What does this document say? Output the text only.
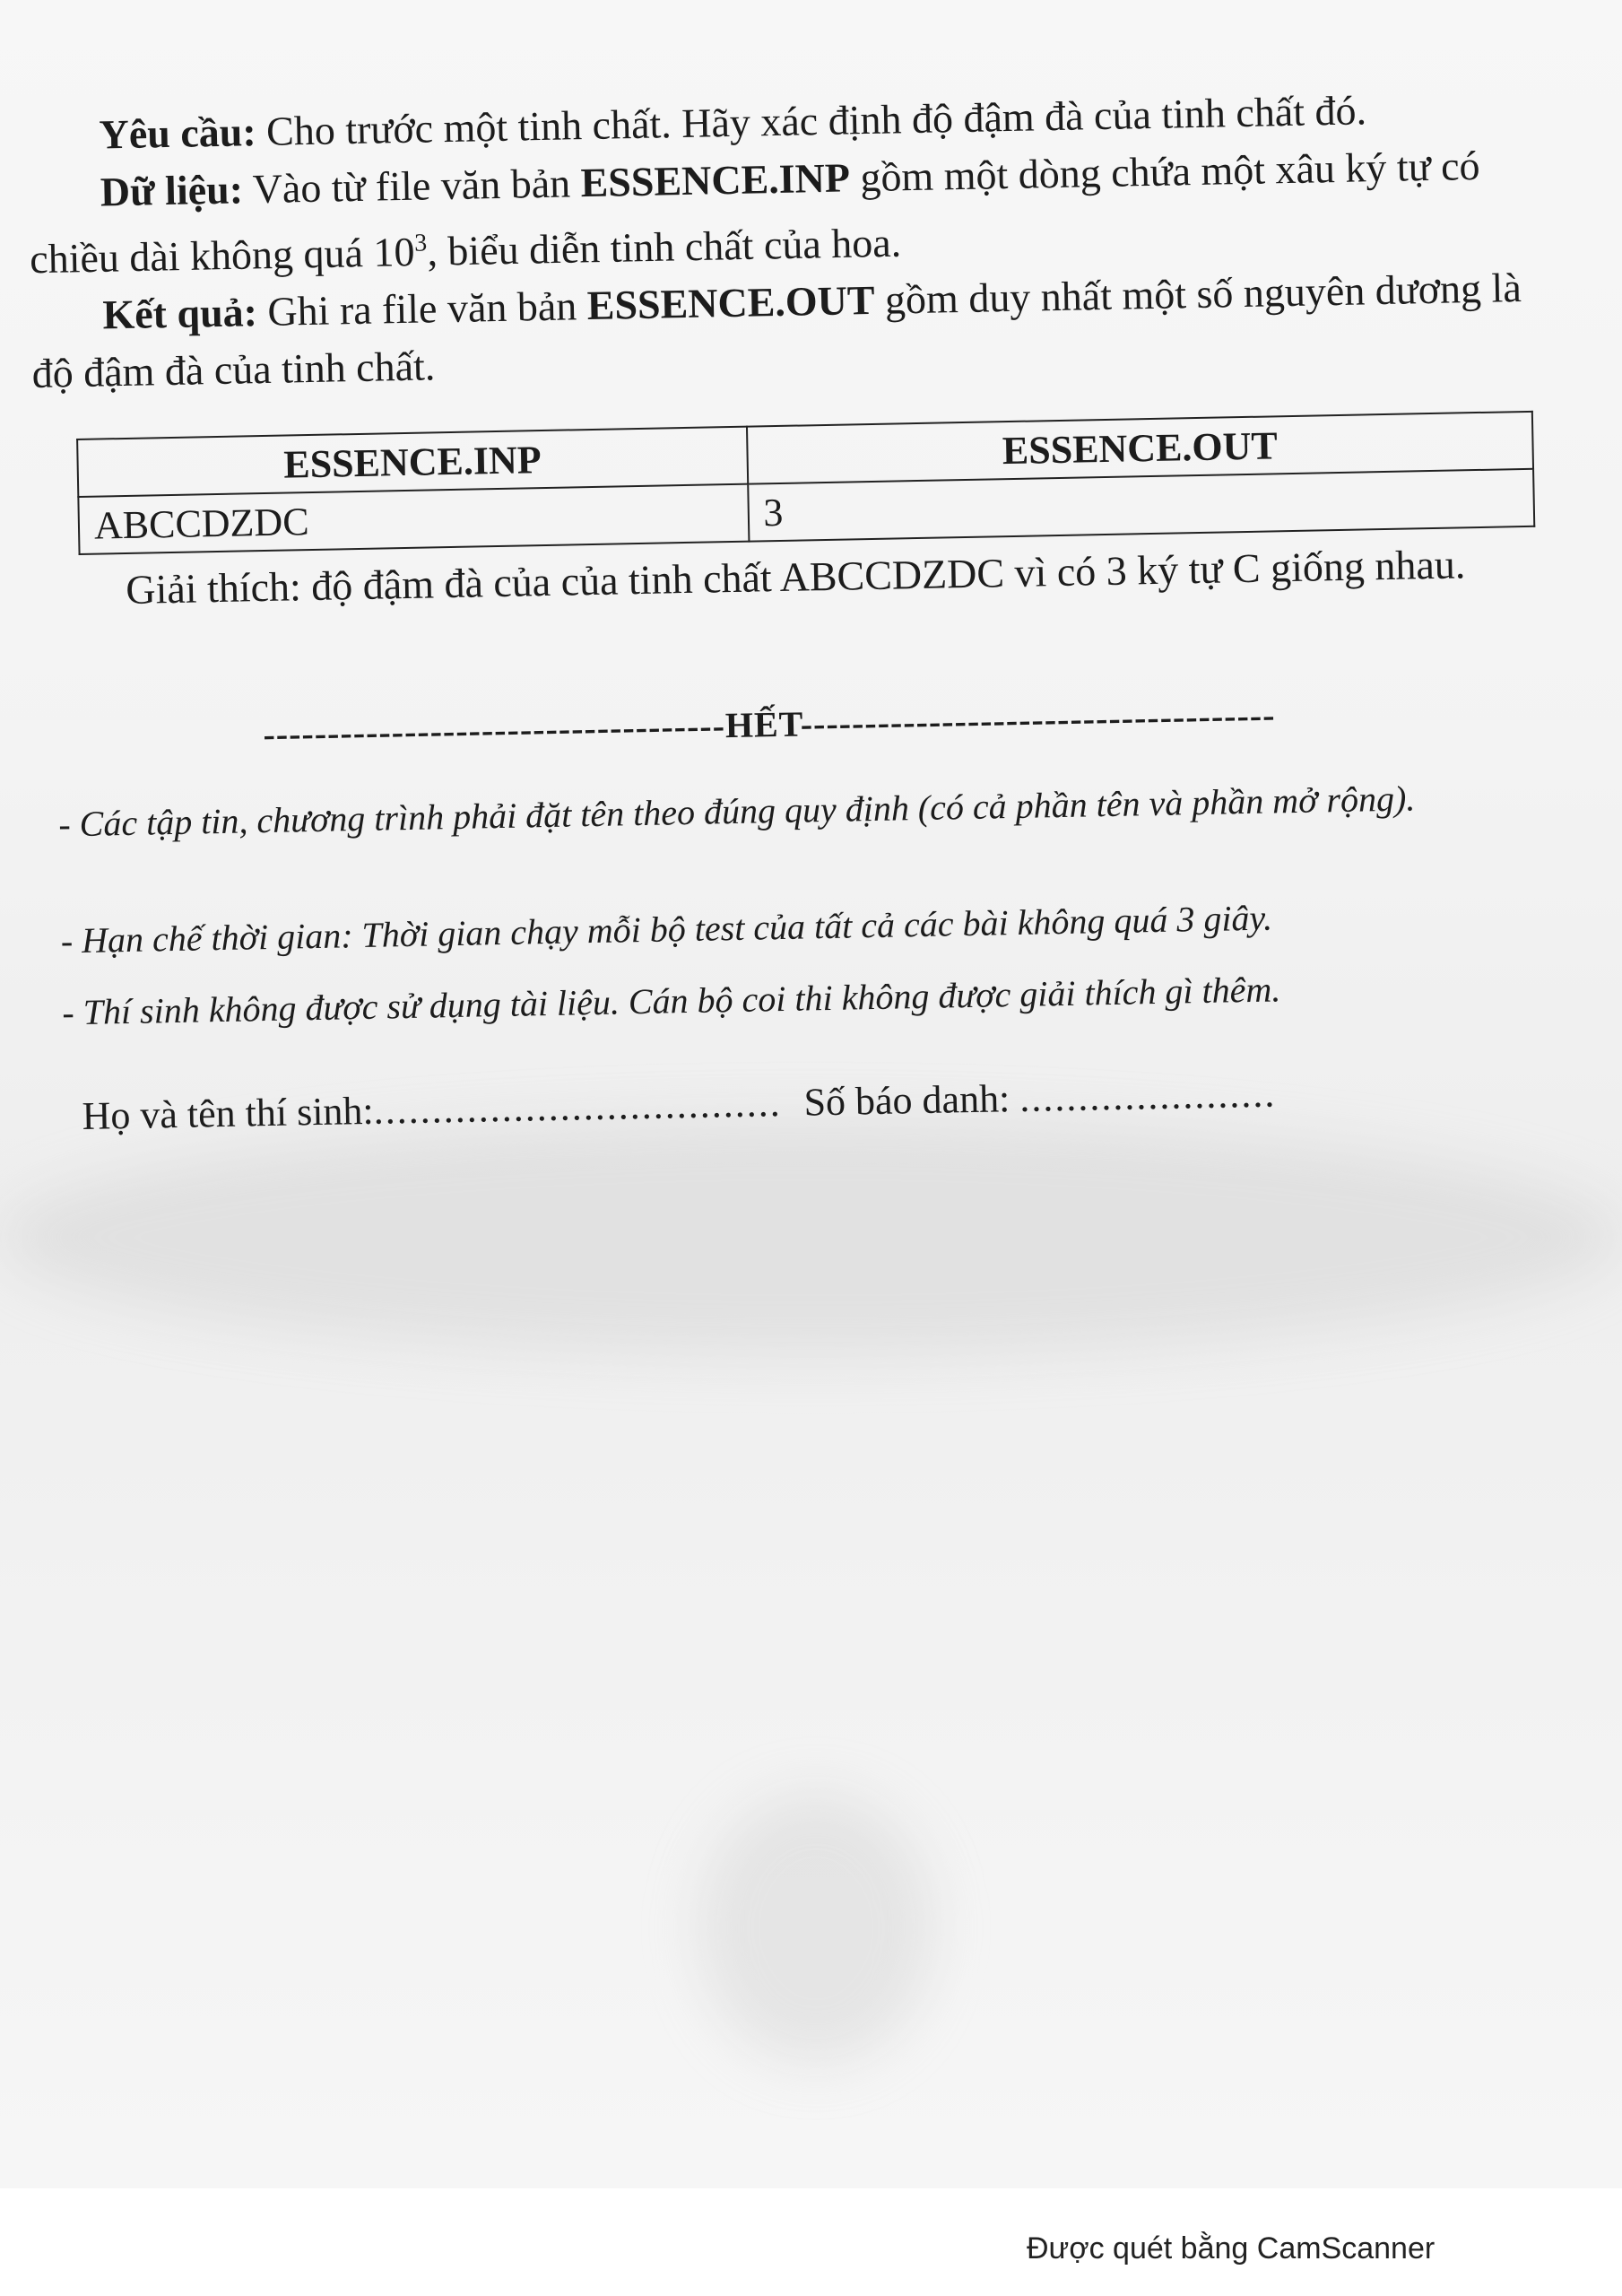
Yêu cầu: Cho trước một tinh chất. Hãy xác định độ đậm đà của tinh chất đó.

Dữ liệu: Vào từ file văn bản ESSENCE.INP gồm một dòng chứa một xâu ký tự có chiều dài không quá $10^3$, biểu diễn tinh chất của hoa.

Kết quả: Ghi ra file văn bản ESSENCE.OUT gồm duy nhất một số nguyên dương là độ đậm đà của tinh chất.

ESSENCE.INP	ESSENCE.OUT
ABCCDZDC	3
Giải thích: độ đậm đà của của tinh chất ABCCDZDC vì có 3 ký tự C giống nhau.
------------------------------------HẾT-------------------------------------
- Các tập tin, chương trình phải đặt tên theo đúng quy định (có cả phần tên và phần mở rộng).
- Hạn chế thời gian: Thời gian chạy mỗi bộ test của tất cả các bài không quá 3 giây.
- Thí sinh không được sử dụng tài liệu. Cán bộ coi thi không được giải thích gì thêm.
Họ và tên thí sinh:................................... Số báo danh: ......................
Được quét bằng CamScanner
